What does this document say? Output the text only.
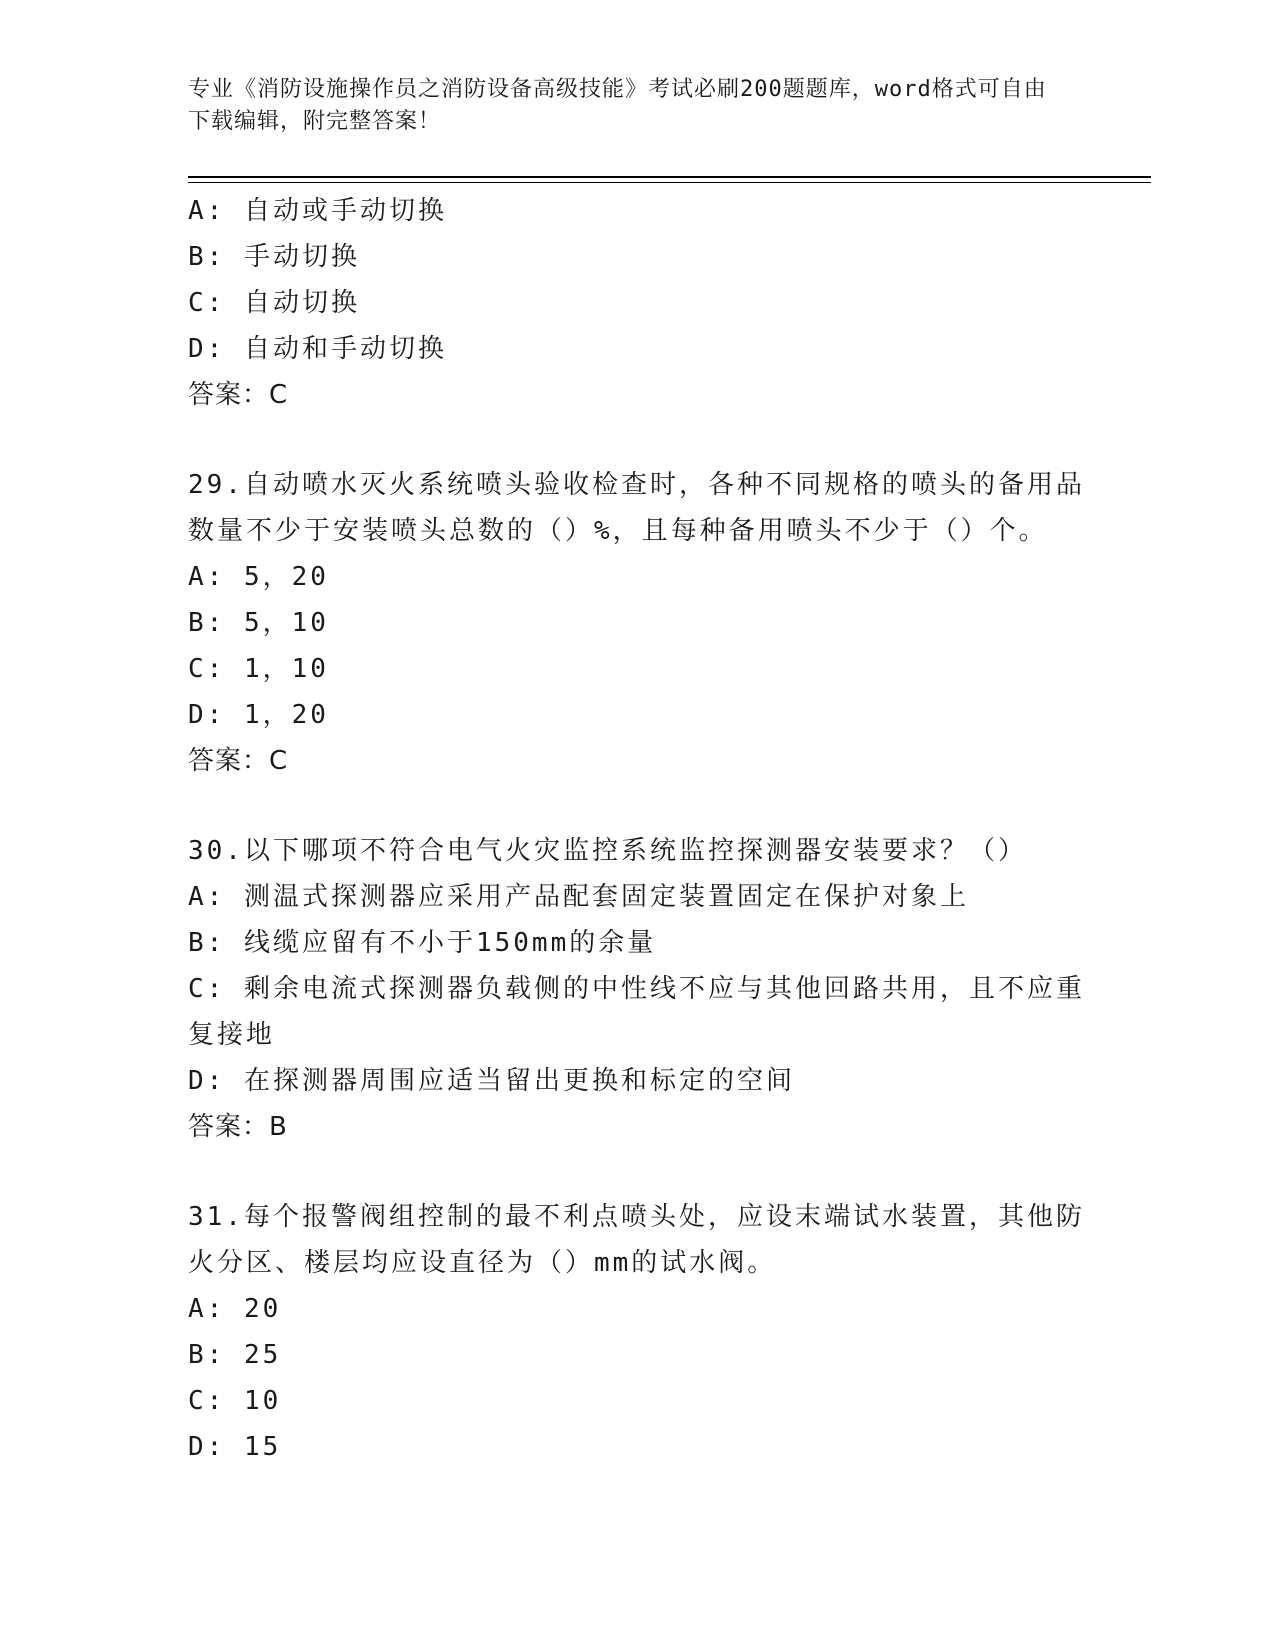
专业《消防设施操作员之消防设备高级技能》考试必刷200题题库，word格式可自由下载编辑，附完整答案！
A: 自动或手动切换
B: 手动切换
C: 自动切换
D: 自动和手动切换
答案：C
29.自动喷水灭火系统喷头验收检查时，各种不同规格的喷头的备用品数量不少于安装喷头总数的（）%，且每种备用喷头不少于（）个。
A: 5，20
B: 5，10
C: 1，10
D: 1，20
答案：C
30.以下哪项不符合电气火灾监控系统监控探测器安装要求？（）
A: 测温式探测器应采用产品配套固定装置固定在保护对象上
B: 线缆应留有不小于150mm的余量
C: 剩余电流式探测器负载侧的中性线不应与其他回路共用，且不应重复接地
D: 在探测器周围应适当留出更换和标定的空间
答案：B
31.每个报警阀组控制的最不利点喷头处，应设末端试水装置，其他防火分区、楼层均应设直径为（）mm的试水阀。
A: 20
B: 25
C: 10
D: 15
